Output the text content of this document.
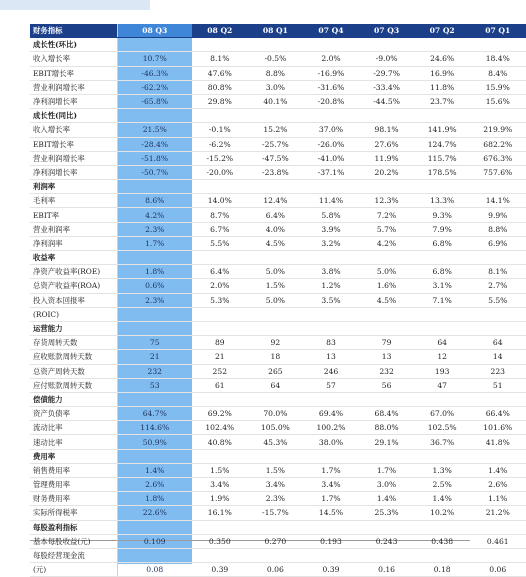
财务指标	08 Q3	08 Q2	08 Q1	07 Q4	07 Q3	07 Q2	07 Q1
成长性(环比)							
收入增长率	10.7%	8.1%	-0.5%	2.0%	-9.0%	24.6%	18.4%
EBIT增长率	-46.3%	47.6%	8.8%	-16.9%	-29.7%	16.9%	8.4%
营业利润增长率	-62.2%	80.8%	3.0%	-31.6%	-33.4%	11.8%	15.9%
净利润增长率	-65.8%	29.8%	40.1%	-20.8%	-44.5%	23.7%	15.6%
成长性(同比)							
收入增长率	21.5%	-0.1%	15.2%	37.0%	98.1%	141.9%	219.9%
EBIT增长率	-28.4%	-6.2%	-25.7%	-26.0%	27.6%	124.7%	682.2%
营业利润增长率	-51.8%	-15.2%	-47.5%	-41.0%	11.9%	115.7%	676.3%
净利润增长率	-50.7%	-20.0%	-23.8%	-37.1%	20.2%	178.5%	757.6%
利润率							
毛利率	8.6%	14.0%	12.4%	11.4%	12.3%	13.3%	14.1%
EBIT率	4.2%	8.7%	6.4%	5.8%	7.2%	9.3%	9.9%
营业利润率	2.3%	6.7%	4.0%	3.9%	5.7%	7.9%	8.8%
净利润率	1.7%	5.5%	4.5%	3.2%	4.2%	6.8%	6.9%
收益率							
净资产收益率(ROE)	1.8%	6.4%	5.0%	3.8%	5.0%	6.8%	8.1%
总资产收益率(ROA)	0.6%	2.0%	1.5%	1.2%	1.6%	3.1%	2.7%
投入资本回报率	2.3%	5.3%	5.0%	3.5%	4.5%	7.1%	5.5%
(ROIC)							
运营能力							
存货周转天数	75	89	92	83	79	64	64
应收账款周转天数	21	21	18	13	13	12	14
总资产周转天数	232	252	265	246	232	193	223
应付账款周转天数	53	61	64	57	56	47	51
偿债能力							
资产负债率	64.7%	69.2%	70.0%	69.4%	68.4%	67.0%	66.4%
流动比率	114.6%	102.4%	105.0%	100.2%	88.0%	102.5%	101.6%
速动比率	50.9%	40.8%	45.3%	38.0%	29.1%	36.7%	41.8%
费用率							
销售费用率	1.4%	1.5%	1.5%	1.7%	1.7%	1.3%	1.4%
管理费用率	2.6%	3.4%	3.4%	3.4%	3.0%	2.5%	2.6%
财务费用率	1.8%	1.9%	2.3%	1.7%	1.4%	1.4%	1.1%
实际所得税率	22.6%	16.1%	-15.7%	14.5%	25.3%	10.2%	21.2%
每股盈利指标							
基本每股收益(元)	0.109	0.350	0.270	0.193	0.243	0.438	0.461
每股经营现金流							
(元)	0.08	0.39	0.06	0.39	0.16	0.18	0.06
